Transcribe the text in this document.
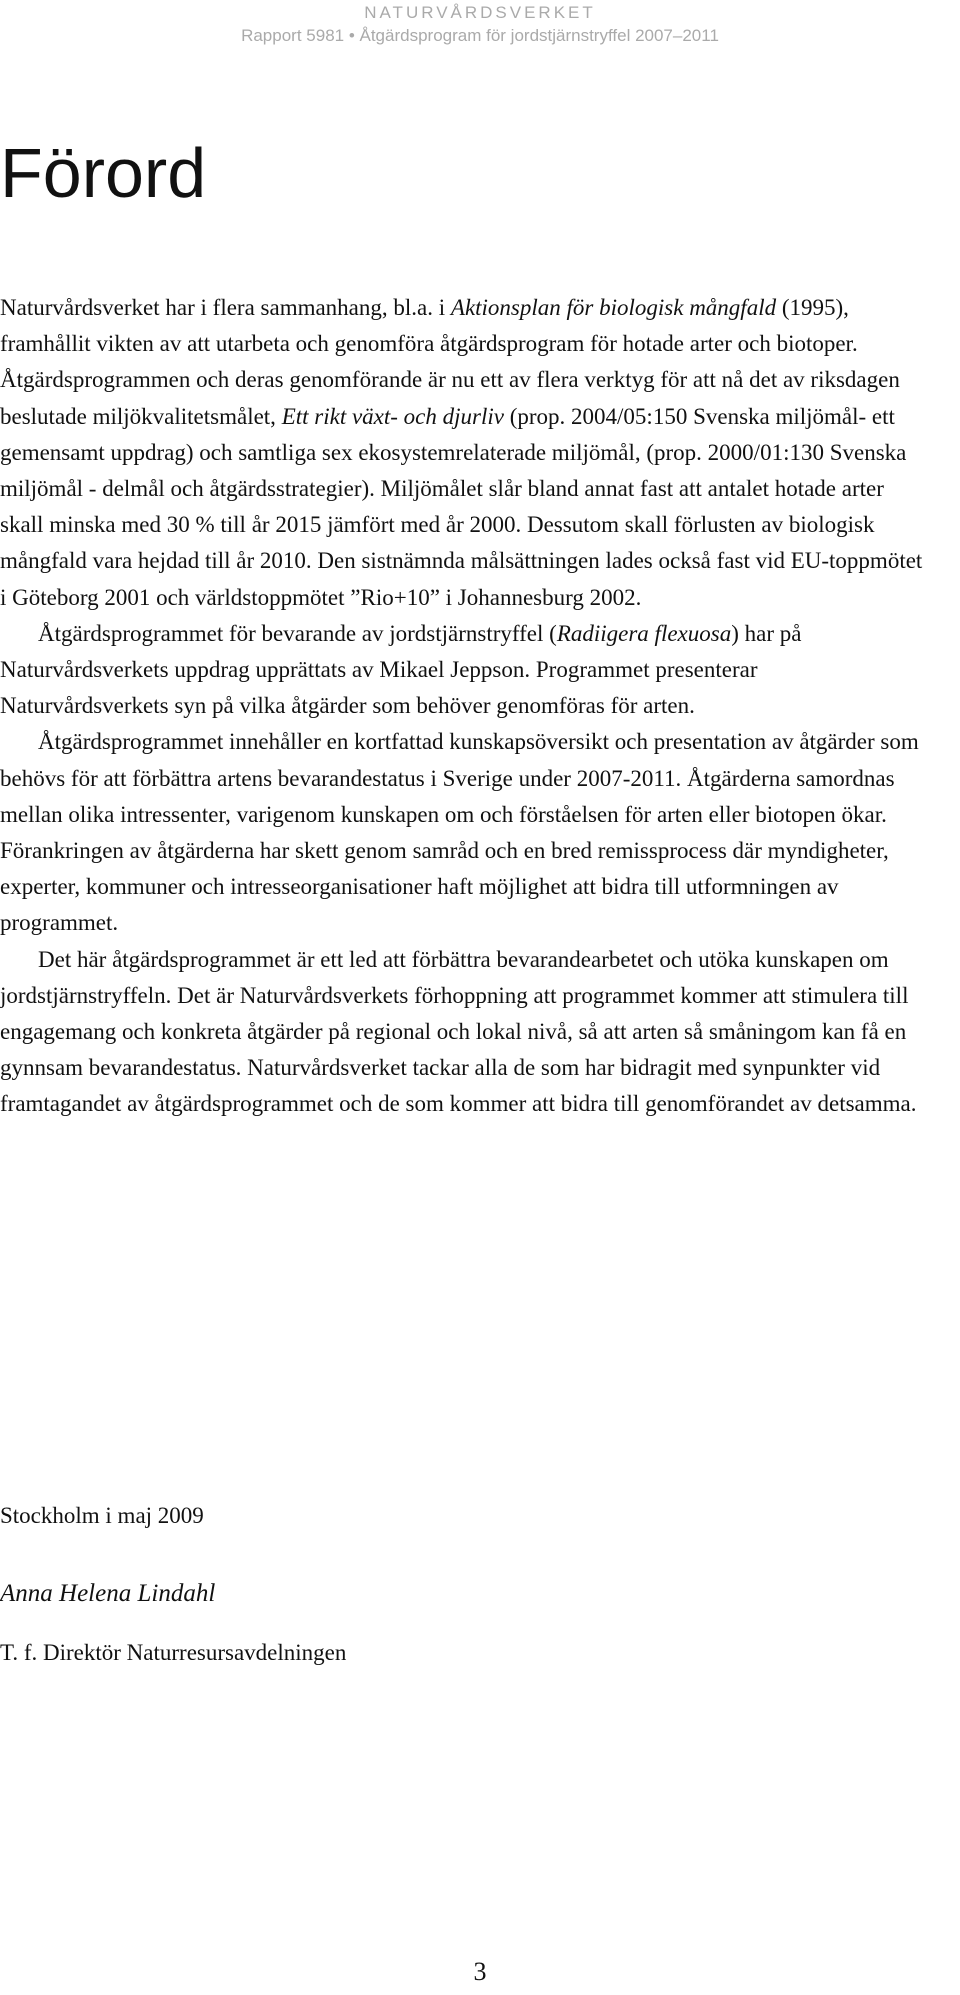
NATURVÅRDSVERKET
Rapport 5981 • Åtgärdsprogram för jordstjärnstryffel 2007–2011
Förord

Naturvårdsverket har i flera sammanhang, bl.a. i Aktionsplan för biologisk mångfald (1995), framhållit vikten av att utarbeta och genomföra åtgärdsprogram för hotade arter och biotoper. Åtgärdsprogrammen och deras genomförande är nu ett av flera verktyg för att nå det av riksdagen beslutade miljökvalitetsmålet, Ett rikt växt- och djurliv (prop. 2004/05:150 Svenska miljömål- ett gemensamt uppdrag) och samtliga sex ekosystemrelaterade miljömål, (prop. 2000/01:130 Svenska miljömål - delmål och åtgärdsstrategier). Miljömålet slår bland annat fast att antalet hotade arter skall minska med 30 % till år 2015 jämfört med år 2000. Dessutom skall förlusten av biologisk mångfald vara hejdad till år 2010. Den sistnämnda målsättningen lades också fast vid EU-toppmötet i Göteborg 2001 och världstoppmötet ”Rio+10” i Johannesburg 2002.

Åtgärdsprogrammet för bevarande av jordstjärnstryffel (Radiigera flexuosa) har på Naturvårdsverkets uppdrag upprättats av Mikael Jeppson. Programmet presenterar Naturvårdsverkets syn på vilka åtgärder som behöver genomföras för arten.

Åtgärdsprogrammet innehåller en kortfattad kunskapsöversikt och presentation av åtgärder som behövs för att förbättra artens bevarandestatus i Sverige under 2007-2011. Åtgärderna samordnas mellan olika intressenter, varigenom kunskapen om och förståelsen för arten eller biotopen ökar. Förankringen av åtgärderna har skett genom samråd och en bred remissprocess där myndigheter, experter, kommuner och intresseorganisationer haft möjlighet att bidra till utformningen av programmet.

Det här åtgärdsprogrammet är ett led att förbättra bevarandearbetet och utöka kunskapen om jordstjärnstryffeln. Det är Naturvårdsverkets förhoppning att programmet kommer att stimulera till engagemang och konkreta åtgärder på regional och lokal nivå, så att arten så småningom kan få en gynnsam bevarandestatus. Naturvårdsverket tackar alla de som har bidragit med synpunkter vid framtagandet av åtgärdsprogrammet och de som kommer att bidra till genomförandet av detsamma.

Stockholm i maj 2009
Anna Helena Lindahl
T. f. Direktör Naturresursavdelningen
3
